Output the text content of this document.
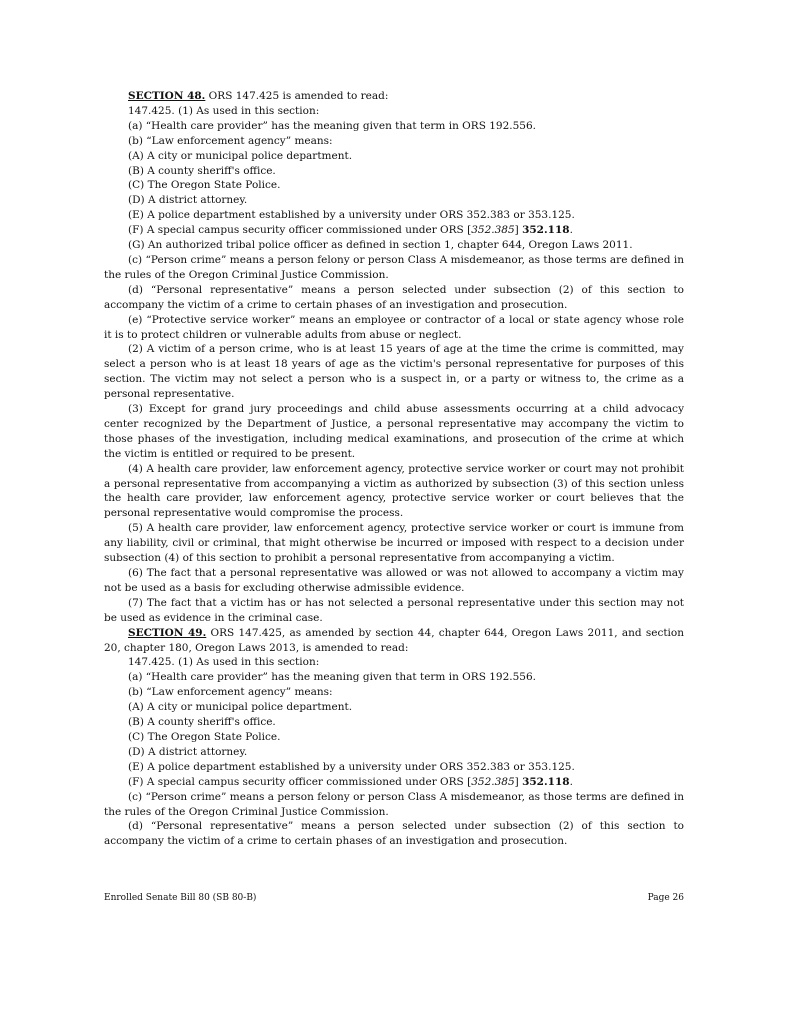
SECTION 48. ORS 147.425 is amended to read:

147.425. (1) As used in this section:

(a) “Health care provider” has the meaning given that term in ORS 192.556.

(b) “Law enforcement agency” means:

(A) A city or municipal police department.

(B) A county sheriff's office.

(C) The Oregon State Police.

(D) A district attorney.

(E) A police department established by a university under ORS 352.383 or 353.125.

(F) A special campus security officer commissioned under ORS [352.385] 352.118.

(G) An authorized tribal police officer as defined in section 1, chapter 644, Oregon Laws 2011.

(c) “Person crime” means a person felony or person Class A misdemeanor, as those terms are defined in the rules of the Oregon Criminal Justice Commission.

(d) “Personal representative” means a person selected under subsection (2) of this section to accompany the victim of a crime to certain phases of an investigation and prosecution.

(e) “Protective service worker” means an employee or contractor of a local or state agency whose role it is to protect children or vulnerable adults from abuse or neglect.

(2) A victim of a person crime, who is at least 15 years of age at the time the crime is committed, may select a person who is at least 18 years of age as the victim's personal representative for purposes of this section. The victim may not select a person who is a suspect in, or a party or witness to, the crime as a personal representative.

(3) Except for grand jury proceedings and child abuse assessments occurring at a child advocacy center recognized by the Department of Justice, a personal representative may accompany the victim to those phases of the investigation, including medical examinations, and prosecution of the crime at which the victim is entitled or required to be present.

(4) A health care provider, law enforcement agency, protective service worker or court may not prohibit a personal representative from accompanying a victim as authorized by subsection (3) of this section unless the health care provider, law enforcement agency, protective service worker or court believes that the personal representative would compromise the process.

(5) A health care provider, law enforcement agency, protective service worker or court is immune from any liability, civil or criminal, that might otherwise be incurred or imposed with respect to a decision under subsection (4) of this section to prohibit a personal representative from accompanying a victim.

(6) The fact that a personal representative was allowed or was not allowed to accompany a victim may not be used as a basis for excluding otherwise admissible evidence.

(7) The fact that a victim has or has not selected a personal representative under this section may not be used as evidence in the criminal case.

SECTION 49. ORS 147.425, as amended by section 44, chapter 644, Oregon Laws 2011, and section 20, chapter 180, Oregon Laws 2013, is amended to read:

147.425. (1) As used in this section:

(a) “Health care provider” has the meaning given that term in ORS 192.556.

(b) “Law enforcement agency” means:

(A) A city or municipal police department.

(B) A county sheriff's office.

(C) The Oregon State Police.

(D) A district attorney.

(E) A police department established by a university under ORS 352.383 or 353.125.

(F) A special campus security officer commissioned under ORS [352.385] 352.118.

(c) “Person crime” means a person felony or person Class A misdemeanor, as those terms are defined in the rules of the Oregon Criminal Justice Commission.

(d) “Personal representative” means a person selected under subsection (2) of this section to accompany the victim of a crime to certain phases of an investigation and prosecution.

Enrolled Senate Bill 80 (SB 80-B)	Page 26
